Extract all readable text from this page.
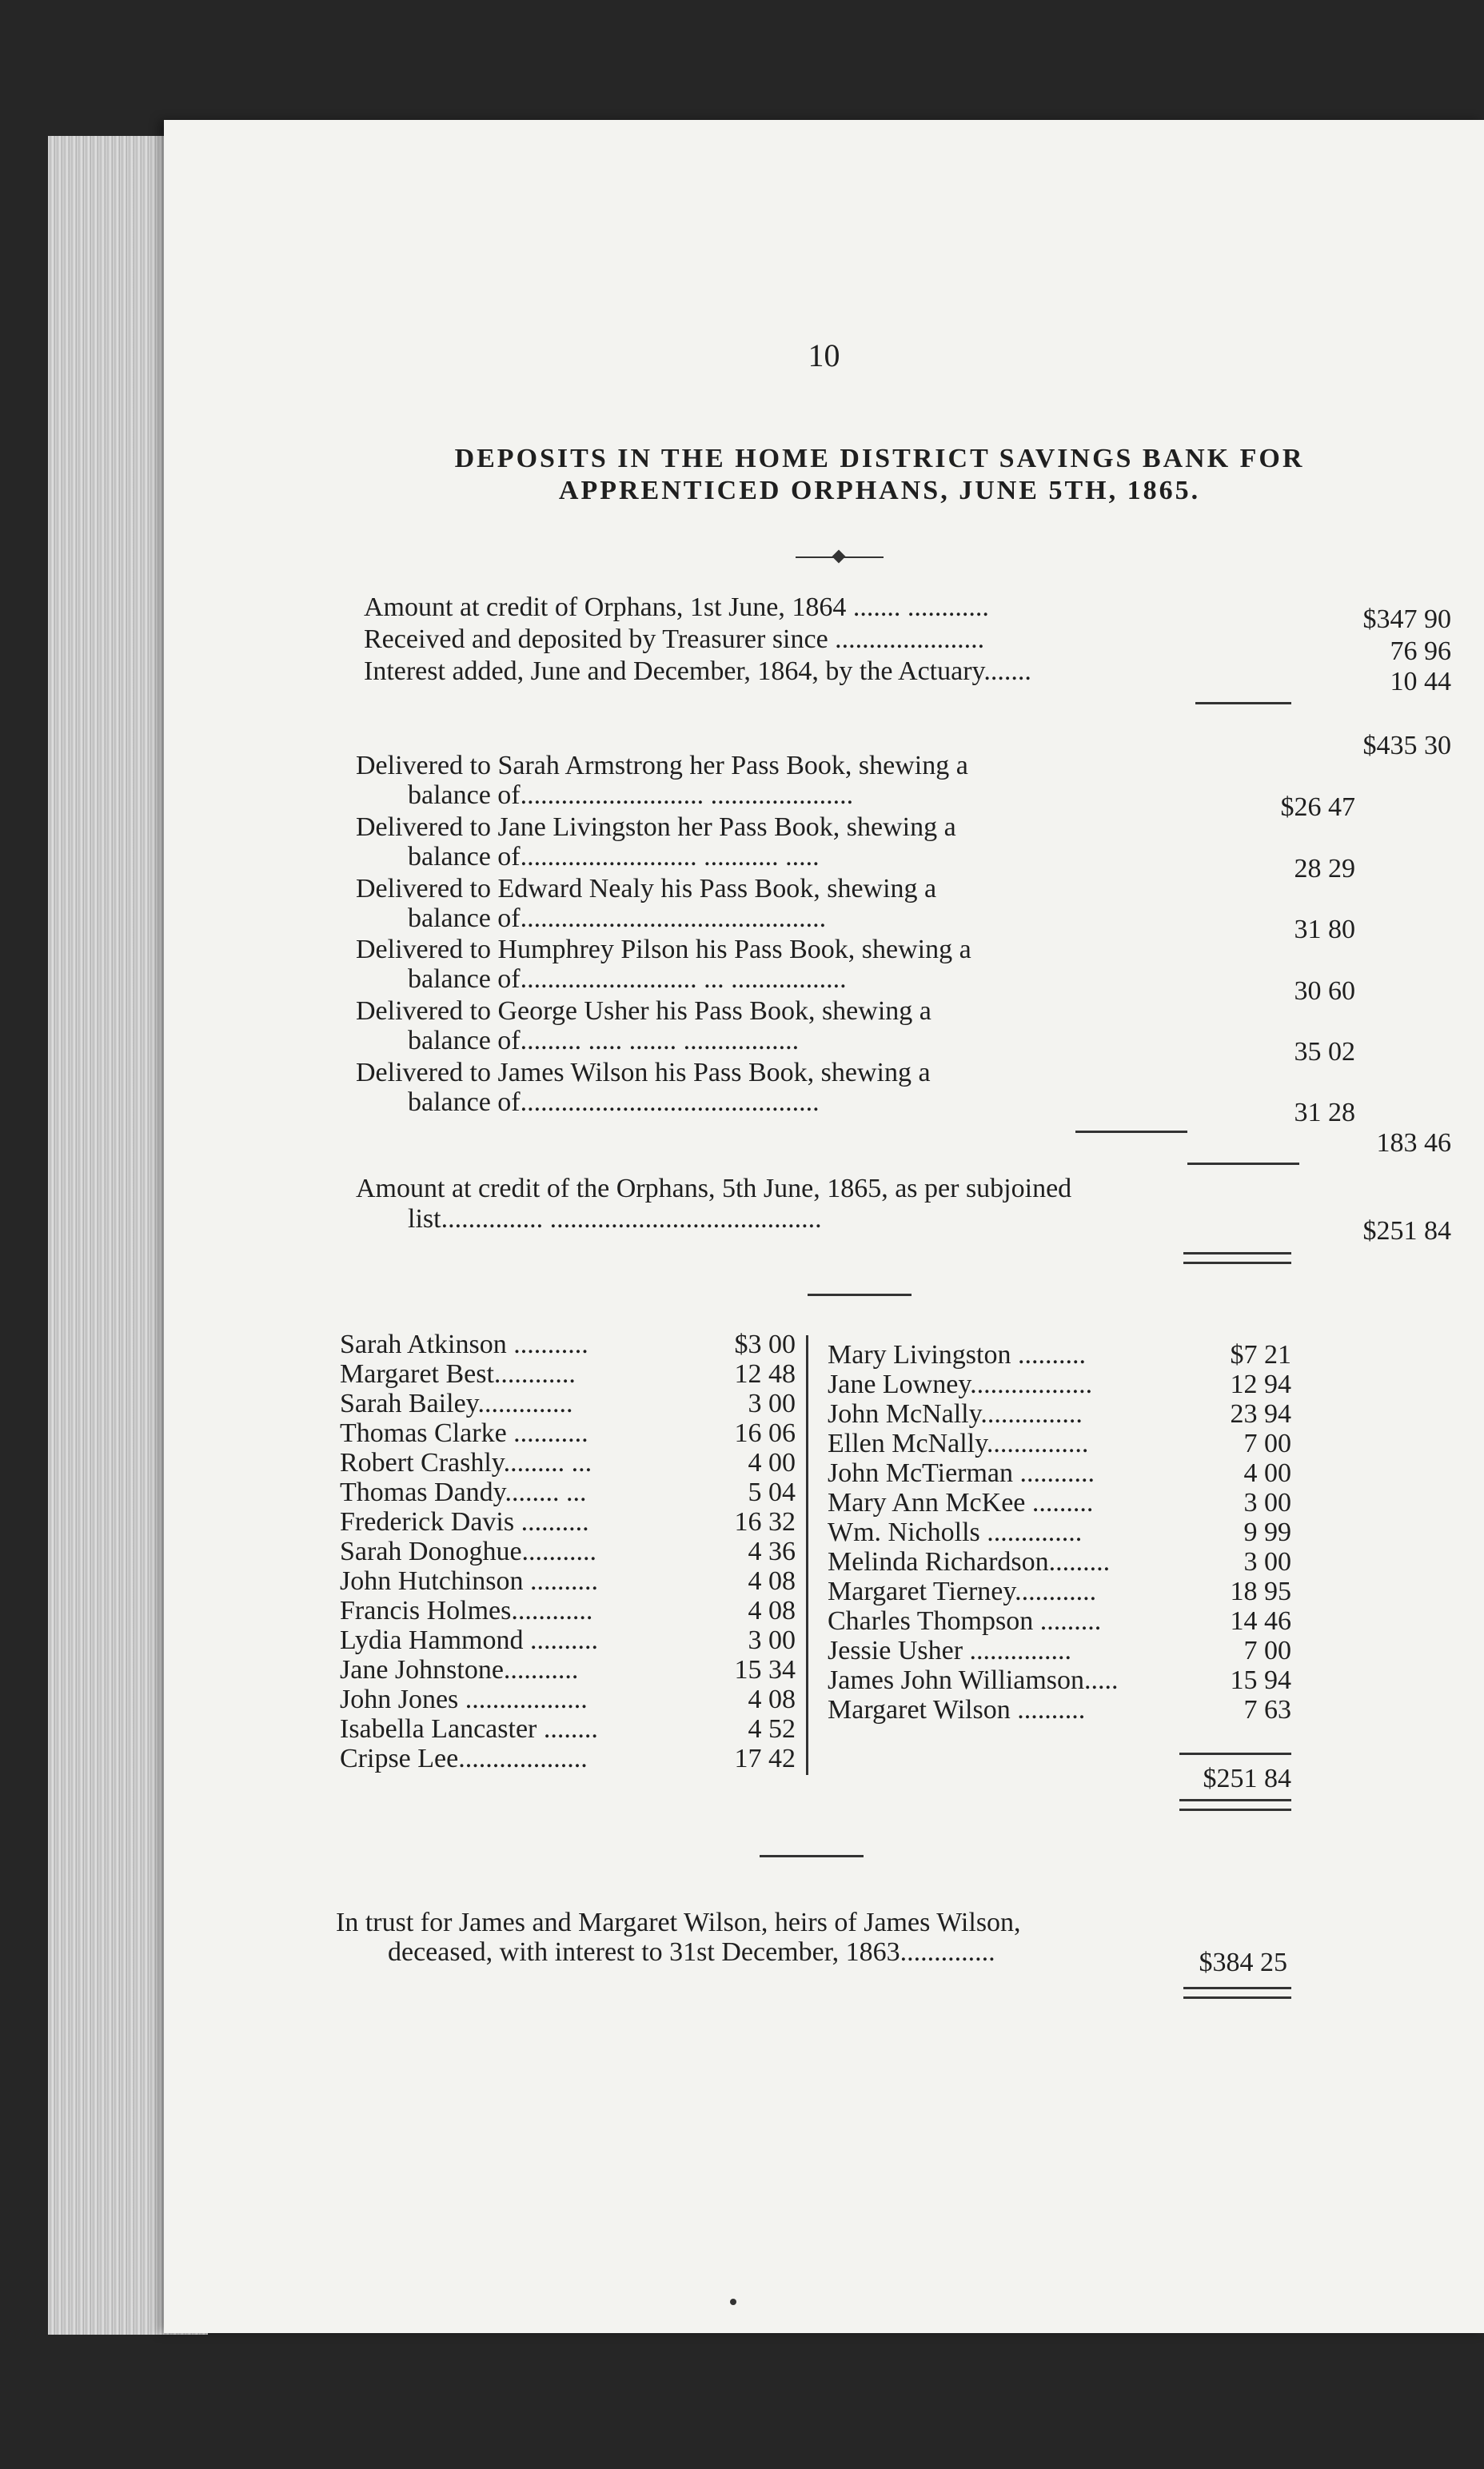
10
DEPOSITS IN THE HOME DISTRICT SAVINGS BANK FOR
APPRENTICED ORPHANS, JUNE 5TH, 1865.
Amount at credit of Orphans, 1st June, 1864 ....... ............	$347 90
Received and deposited by Treasurer since ......................	76 96
Interest added, June and December, 1864, by the Actuary.......	10 44
$435 30
Delivered to Sarah Armstrong her Pass Book, shewing a
balance of........................... .....................	$26 47
Delivered to Jane Livingston her Pass Book, shewing a
balance of.......................... ........... .....	28 29
Delivered to Edward Nealy his Pass Book, shewing a
balance of.............................................	31 80
Delivered to Humphrey Pilson his Pass Book, shewing a
balance of.......................... ... .................	30 60
Delivered to George Usher his Pass Book, shewing a
balance of......... ..... ....... .................	35 02
Delivered to James Wilson his Pass Book, shewing a
balance of............................................	31 28
183 46
Amount at credit of the Orphans, 5th June, 1865, as per subjoined
list............... ........................................	$251 84
Sarah Atkinson ...........	$3 00
Margaret Best............	12 48
Sarah Bailey..............	3 00
Thomas Clarke ...........	16 06
Robert Crashly......... ...	4 00
Thomas Dandy........ ...	5 04
Frederick Davis ..........	16 32
Sarah Donoghue...........	4 36
John Hutchinson ..........	4 08
Francis Holmes............	4 08
Lydia Hammond ..........	3 00
Jane Johnstone...........	15 34
John Jones ..................	4 08
Isabella Lancaster ........	4 52
Cripse Lee...................	17 42
Mary Livingston ..........	$7 21
Jane Lowney..................	12 94
John McNally...............	23 94
Ellen McNally...............	7 00
John McTierman ...........	4 00
Mary Ann McKee .........	3 00
Wm. Nicholls ..............	9 99
Melinda Richardson.........	3 00
Margaret Tierney............	18 95
Charles Thompson .........	14 46
Jessie Usher ...............	7 00
James John Williamson.....	15 94
Margaret Wilson ..........	7 63
$251 84
In trust for James and Margaret Wilson, heirs of James Wilson,
deceased, with interest to 31st December, 1863..............	$384 25
